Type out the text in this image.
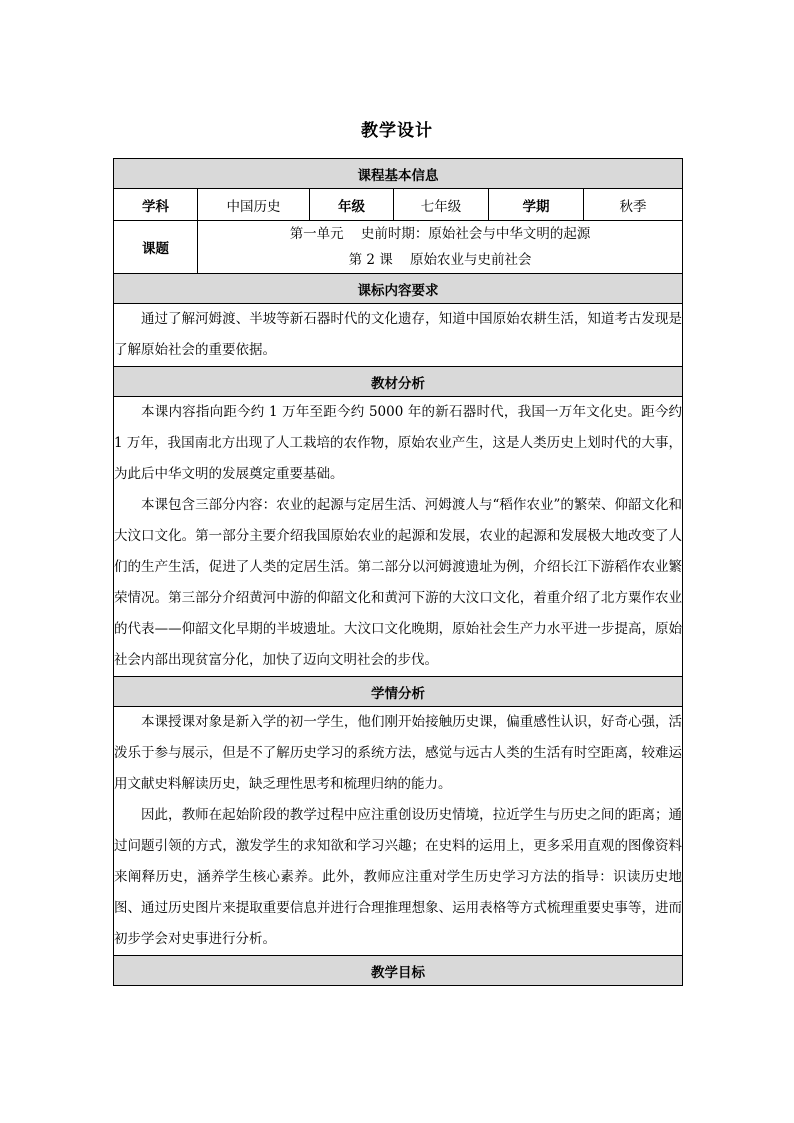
教学设计
课程基本信息					
学科	中国历史	年级	七年级	学期	秋季
课题	第一单元    史前时期：原始社会与中华文明的起源
第 2 课    原始农业与史前社会				

课标内容要求					

通过了解河姆渡、半坡等新石器时代的文化遗存，知道中国原始农耕生活，知道考古发现是了解原始社会的重要依据。					

教材分析					

本课内容指向距今约 1 万年至距今约 5000 年的新石器时代，我国一万年文化史。距今约 1 万年，我国南北方出现了人工栽培的农作物，原始农业产生，这是人类历史上划时代的大事，为此后中华文明的发展奠定重要基础。

本课包含三部分内容：农业的起源与定居生活、河姆渡人与“稻作农业”的繁荣、仰韶文化和大汶口文化。第一部分主要介绍我国原始农业的起源和发展，农业的起源和发展极大地改变了人们的生产生活，促进了人类的定居生活。第二部分以河姆渡遗址为例，介绍长江下游稻作农业繁荣情况。第三部分介绍黄河中游的仰韶文化和黄河下游的大汶口文化，着重介绍了北方粟作农业的代表——仰韶文化早期的半坡遗址。大汶口文化晚期，原始社会生产力水平进一步提高，原始社会内部出现贫富分化，加快了迈向文明社会的步伐。					

学情分析					

本课授课对象是新入学的初一学生，他们刚开始接触历史课，偏重感性认识，好奇心强，活泼乐于参与展示，但是不了解历史学习的系统方法，感觉与远古人类的生活有时空距离，较难运用文献史料解读历史，缺乏理性思考和梳理归纳的能力。

因此，教师在起始阶段的教学过程中应注重创设历史情境，拉近学生与历史之间的距离；通过问题引领的方式，激发学生的求知欲和学习兴趣；在史料的运用上，更多采用直观的图像资料来阐释历史，涵养学生核心素养。此外，教师应注重对学生历史学习方法的指导：识读历史地图、通过历史图片来提取重要信息并进行合理推理想象、运用表格等方式梳理重要史事等，进而初步学会对史事进行分析。					

教学目标					
